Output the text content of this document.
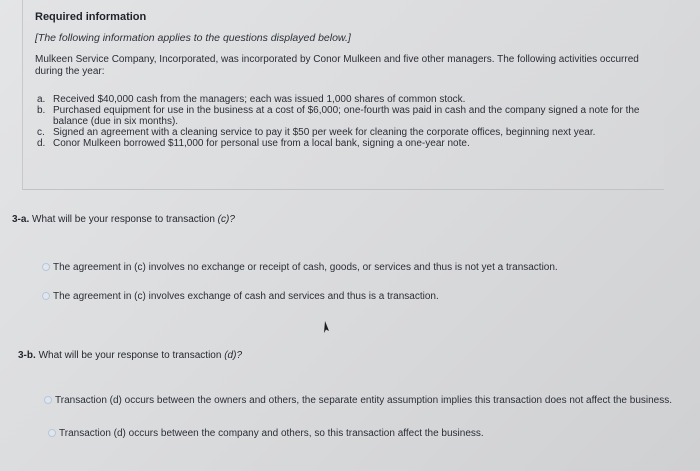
Required information
[The following information applies to the questions displayed below.]
Mulkeen Service Company, Incorporated, was incorporated by Conor Mulkeen and five other managers. The following activities occurred during the year:
a. Received $40,000 cash from the managers; each was issued 1,000 shares of common stock.
b. Purchased equipment for use in the business at a cost of $6,000; one-fourth was paid in cash and the company signed a note for the balance (due in six months).
c. Signed an agreement with a cleaning service to pay it $50 per week for cleaning the corporate offices, beginning next year.
d. Conor Mulkeen borrowed $11,000 for personal use from a local bank, signing a one-year note.
3-a. What will be your response to transaction (c)?
The agreement in (c) involves no exchange or receipt of cash, goods, or services and thus is not yet a transaction.
The agreement in (c) involves exchange of cash and services and thus is a transaction.
3-b. What will be your response to transaction (d)?
Transaction (d) occurs between the owners and others, the separate entity assumption implies this transaction does not affect the business.
Transaction (d) occurs between the company and others, so this transaction affect the business.
